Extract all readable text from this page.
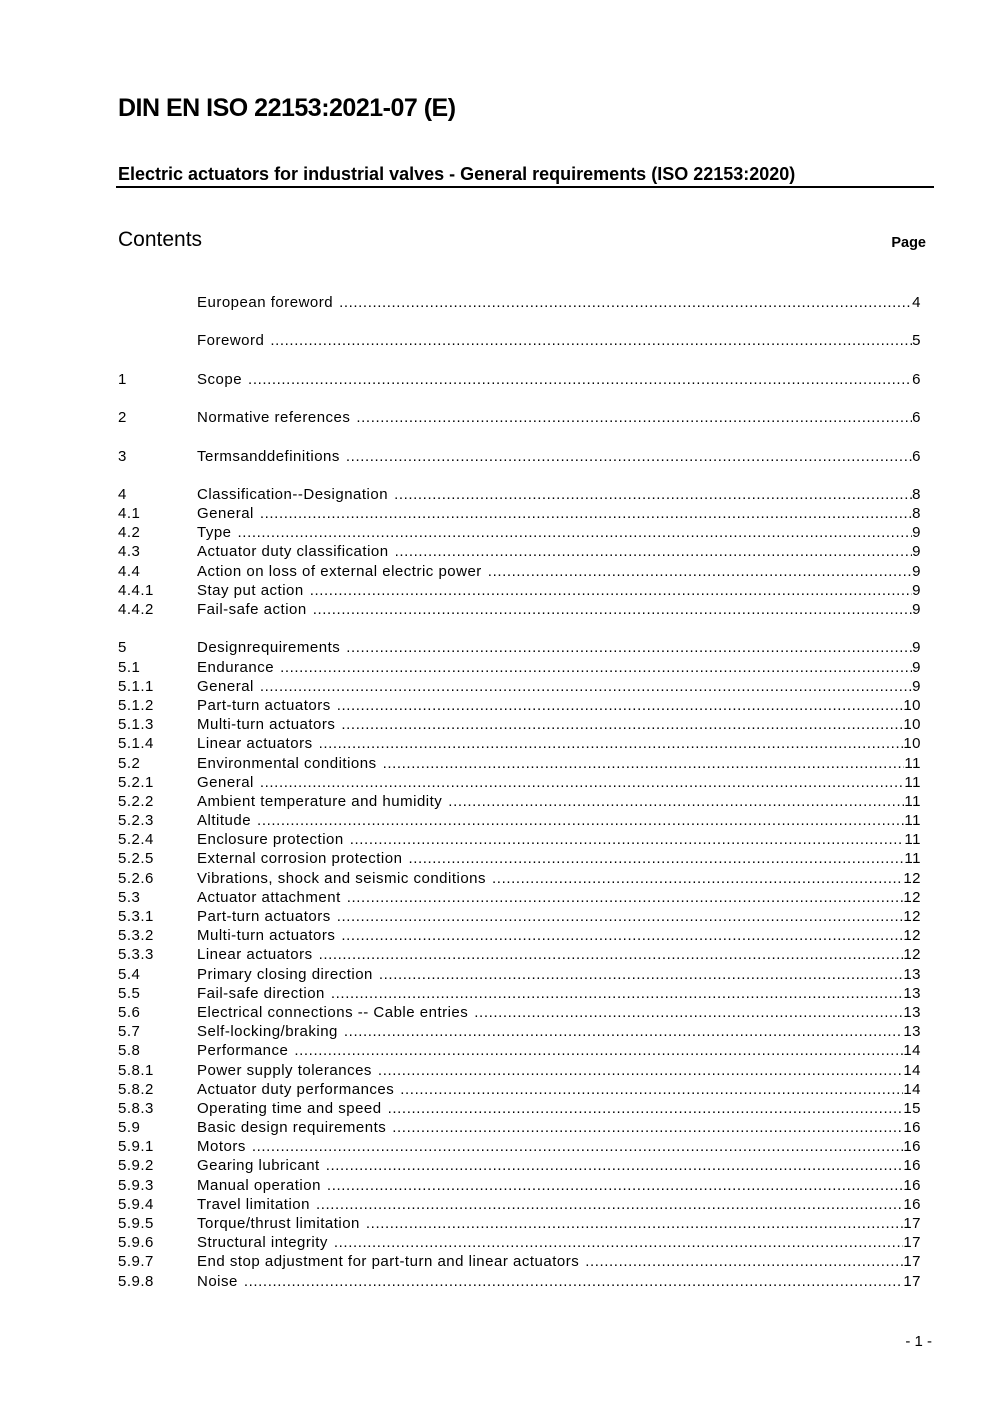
DIN EN ISO 22153:2021-07 (E)
Electric actuators for industrial valves - General requirements (ISO 22153:2020)
Contents	Page
European foreword .....	4
Foreword .....	5
1	Scope .....	6
2	Normative references .....	6
3	Termsanddefinitions .....	6
4	Classification--Designation .....	8
4.1	General .....	8
4.2	Type .....	9
4.3	Actuator duty classification .....	9
4.4	Action on loss of external electric power .....	9
4.4.1	Stay put action .....	9
4.4.2	Fail-safe action .....	9
5	Designrequirements .....	9
5.1	Endurance .....	9
5.1.1	General .....	9
5.1.2	Part-turn actuators .....	10
5.1.3	Multi-turn actuators .....	10
5.1.4	Linear actuators .....	10
5.2	Environmental conditions .....	11
5.2.1	General .....	11
5.2.2	Ambient temperature and humidity .....	11
5.2.3	Altitude .....	11
5.2.4	Enclosure protection .....	11
5.2.5	External corrosion protection .....	11
5.2.6	Vibrations, shock and seismic conditions .....	12
5.3	Actuator attachment .....	12
5.3.1	Part-turn actuators .....	12
5.3.2	Multi-turn actuators .....	12
5.3.3	Linear actuators .....	12
5.4	Primary closing direction .....	13
5.5	Fail-safe direction .....	13
5.6	Electrical connections -- Cable entries .....	13
5.7	Self-locking/braking .....	13
5.8	Performance .....	14
5.8.1	Power supply tolerances .....	14
5.8.2	Actuator duty performances .....	14
5.8.3	Operating time and speed .....	15
5.9	Basic design requirements .....	16
5.9.1	Motors .....	16
5.9.2	Gearing lubricant .....	16
5.9.3	Manual operation .....	16
5.9.4	Travel limitation .....	16
5.9.5	Torque/thrust limitation .....	17
5.9.6	Structural integrity .....	17
5.9.7	End stop adjustment for part-turn and linear actuators .....	17
5.9.8	Noise .....	17
- 1 -
